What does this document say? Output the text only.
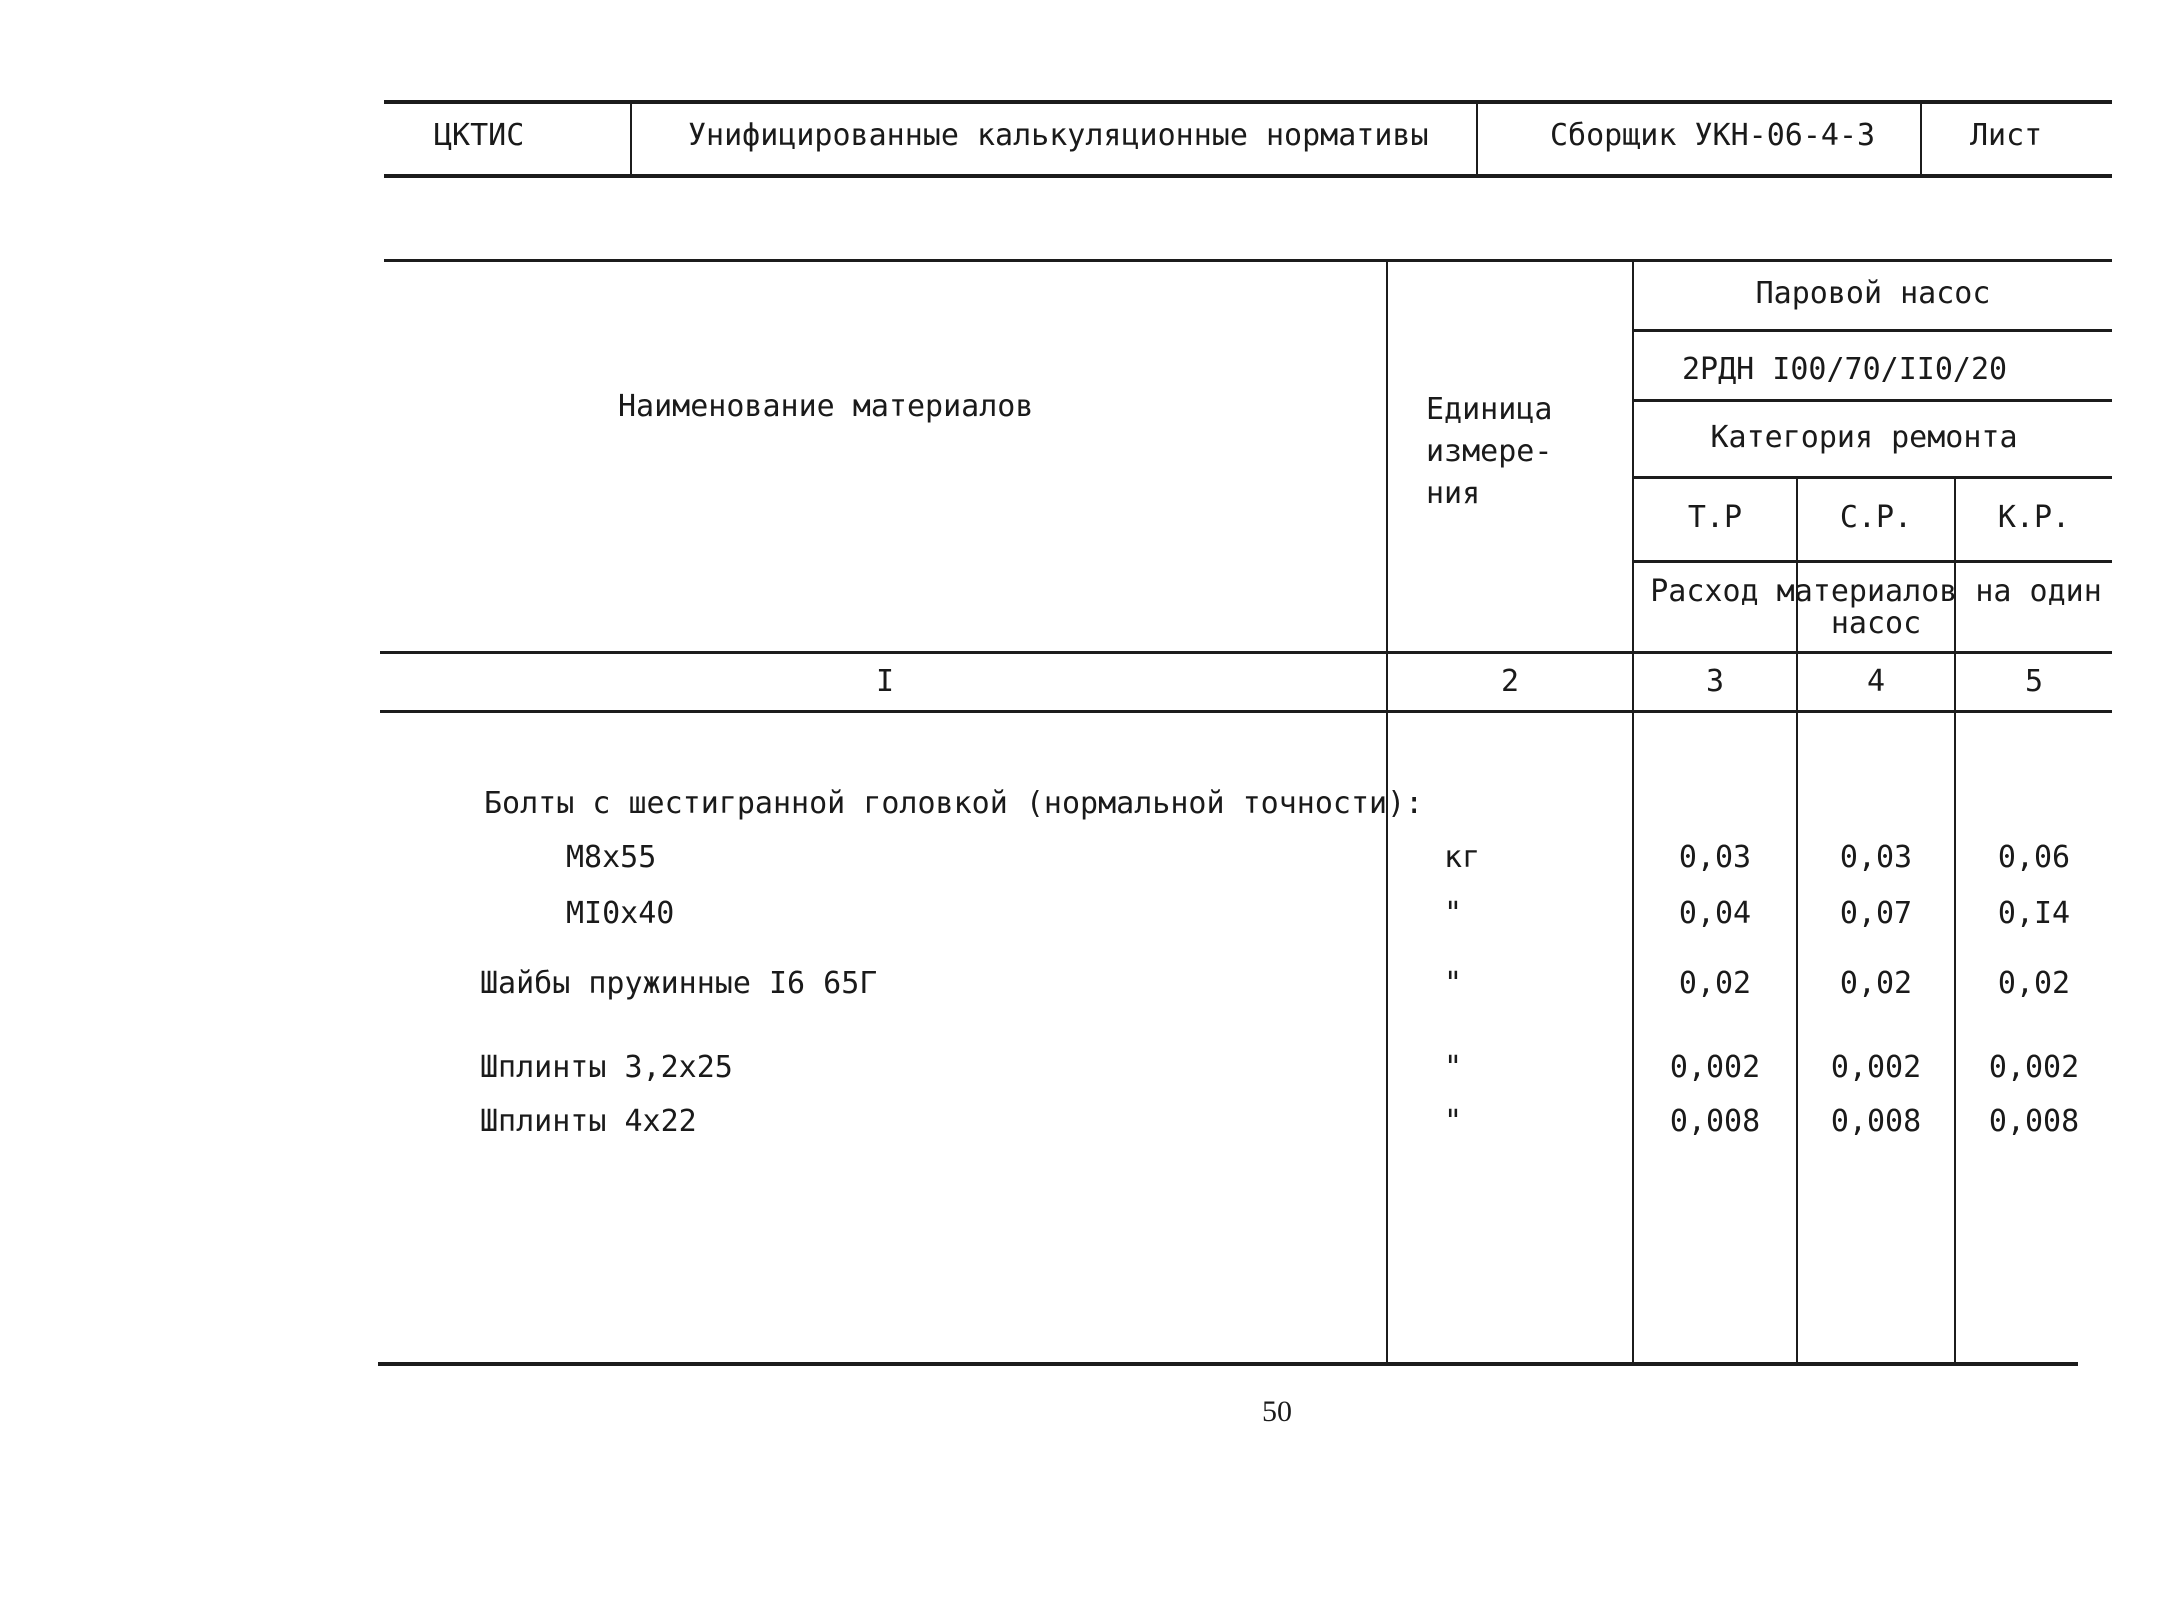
ЦКТИС	Унифицированные калькуляционные нормативы	Сборщик УКН-06-4-3	Лист
Наименование материалов	Единица измере- ния
Паровой насос
2РДН I00/70/II0/20
Категория ремонта
Т.Р	С.Р.	К.Р.
Расход материалов на один насос
I	2	3	4	5
Болты с шестигранной головкой (нормальной точности):
М8х55	кг	0,03	0,03	0,06
МI0х40	"	0,04	0,07	0,I4
Шайбы пружинные I6 65Г	"	0,02	0,02	0,02
Шплинты 3,2х25	"	0,002	0,002	0,002
Шплинты 4х22	"	0,008	0,008	0,008
50
